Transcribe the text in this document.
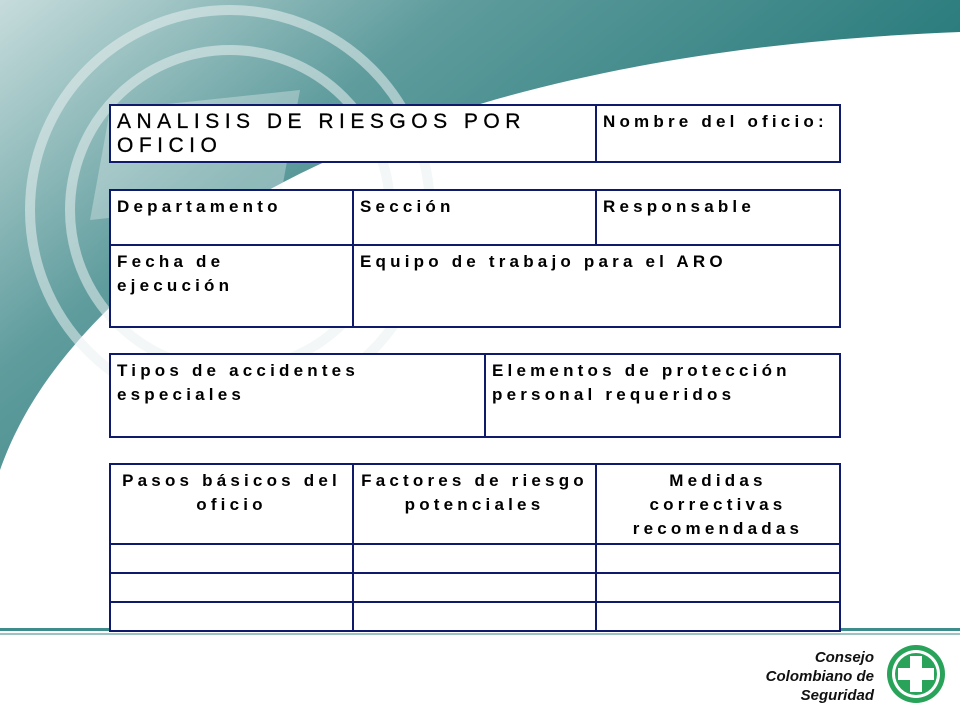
ANALISIS DE RIESGOS POR OFICIO	Nombre del oficio:
Departamento	Sección	Responsable
Fecha de ejecución	Equipo de trabajo para el ARO	
Tipos de accidentes especiales	Elementos de protección personal requeridos
Pasos básicos del oficio	Factores de riesgo potenciales	Medidas correctivas recomendadas

Consejo
Colombiano de
Seguridad
